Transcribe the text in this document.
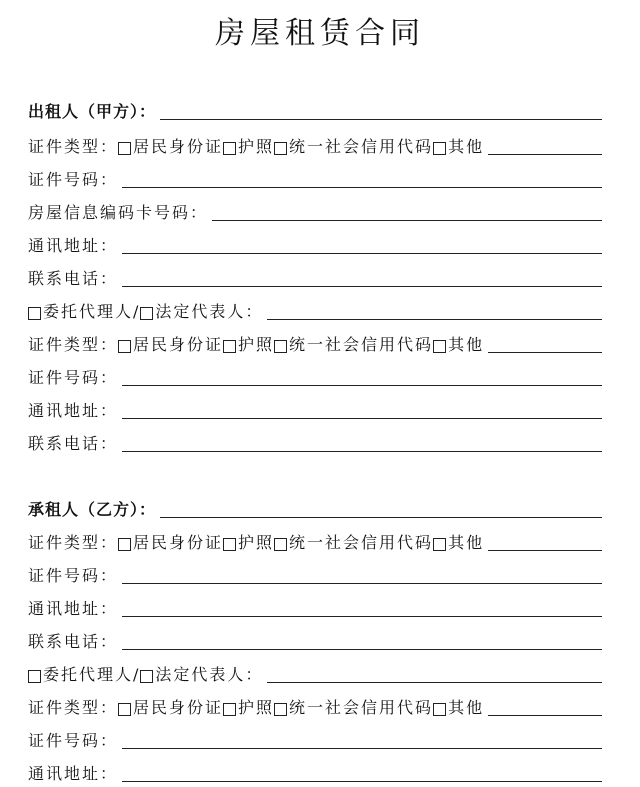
房屋租赁合同
出租人（甲方）：
证件类型： 居民身份证 护照 统一社会信用代码 其他
证件号码：
房屋信息编码卡号码：
通讯地址：
联系电话：
委托代理人/ 法定代表人：
证件类型： 居民身份证 护照 统一社会信用代码 其他
证件号码：
通讯地址：
联系电话：
承租人（乙方）：
证件类型： 居民身份证 护照 统一社会信用代码 其他
证件号码：
通讯地址：
联系电话：
委托代理人/ 法定代表人：
证件类型： 居民身份证 护照 统一社会信用代码 其他
证件号码：
通讯地址：
